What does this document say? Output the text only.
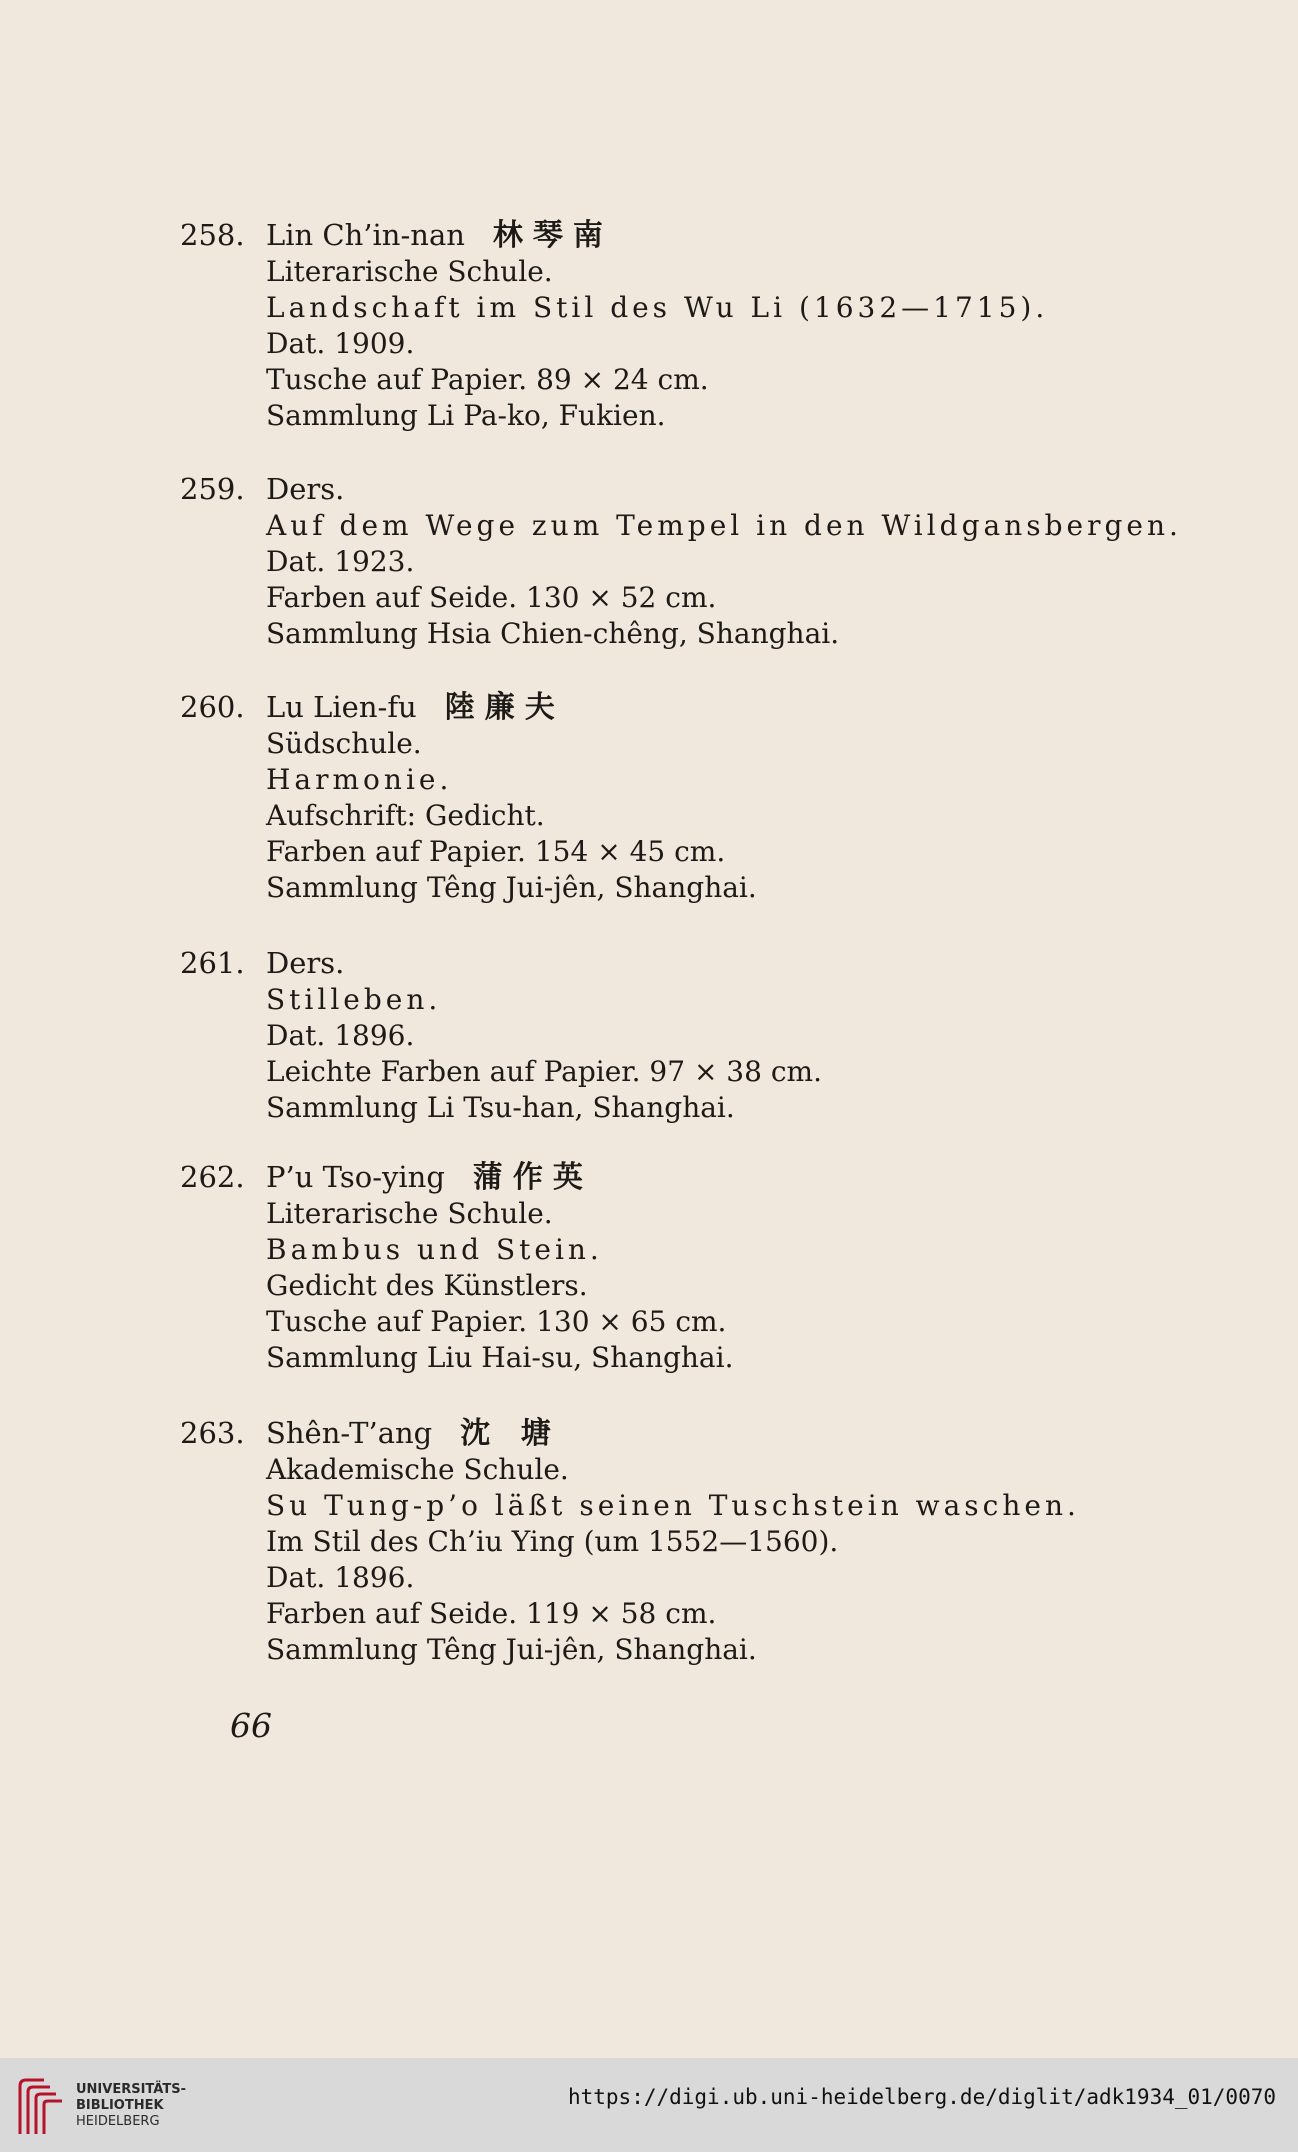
258. Lin Ch’in-nan 林琴南
Literarische Schule.
Landschaft im Stil des Wu Li (1632—1715).
Dat. 1909.
Tusche auf Papier. 89 × 24 cm.
Sammlung Li Pa-ko, Fukien.
259. Ders.
Auf dem Wege zum Tempel in den Wildgansbergen.
Dat. 1923.
Farben auf Seide. 130 × 52 cm.
Sammlung Hsia Chien-chêng, Shanghai.
260. Lu Lien-fu 陸廉夫
Südschule.
Harmonie.
Aufschrift: Gedicht.
Farben auf Papier. 154 × 45 cm.
Sammlung Têng Jui-jên, Shanghai.
261. Ders.
Stilleben.
Dat. 1896.
Leichte Farben auf Papier. 97 × 38 cm.
Sammlung Li Tsu-han, Shanghai.
262. P’u Tso-ying 蒲作英
Literarische Schule.
Bambus und Stein.
Gedicht des Künstlers.
Tusche auf Papier. 130 × 65 cm.
Sammlung Liu Hai-su, Shanghai.
263. Shên-T’ang 沈 塘
Akademische Schule.
Su Tung-p’o läßt seinen Tuschstein waschen.
Im Stil des Ch’iu Ying (um 1552—1560).
Dat. 1896.
Farben auf Seide. 119 × 58 cm.
Sammlung Têng Jui-jên, Shanghai.
66
UNIVERSITÄTS-
BIBLIOTHEK
HEIDELBERG
https://digi.ub.uni-heidelberg.de/diglit/adk1934_01/0070
